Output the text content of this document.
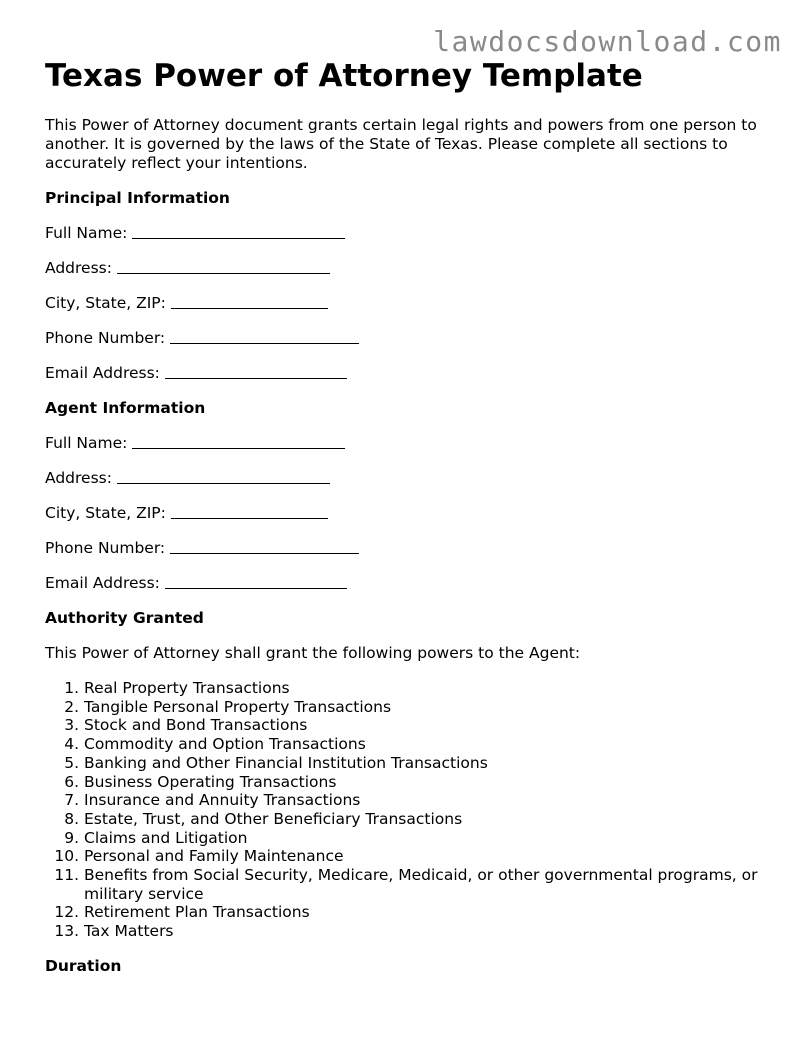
lawdocsdownload.com
Texas Power of Attorney Template

This Power of Attorney document grants certain legal rights and powers from one person to another. It is governed by the laws of the State of Texas. Please complete all sections to accurately reflect your intentions.

Principal Information
Full Name:
Address:
City, State, ZIP:
Phone Number:
Email Address:
Agent Information
Full Name:
Address:
City, State, ZIP:
Phone Number:
Email Address:
Authority Granted

This Power of Attorney shall grant the following powers to the Agent:

1. Real Property Transactions
2. Tangible Personal Property Transactions
3. Stock and Bond Transactions
4. Commodity and Option Transactions
5. Banking and Other Financial Institution Transactions
6. Business Operating Transactions
7. Insurance and Annuity Transactions
8. Estate, Trust, and Other Beneficiary Transactions
9. Claims and Litigation
10. Personal and Family Maintenance
11. Benefits from Social Security, Medicare, Medicaid, or other governmental programs, or military service
12. Retirement Plan Transactions
13. Tax Matters
Duration
